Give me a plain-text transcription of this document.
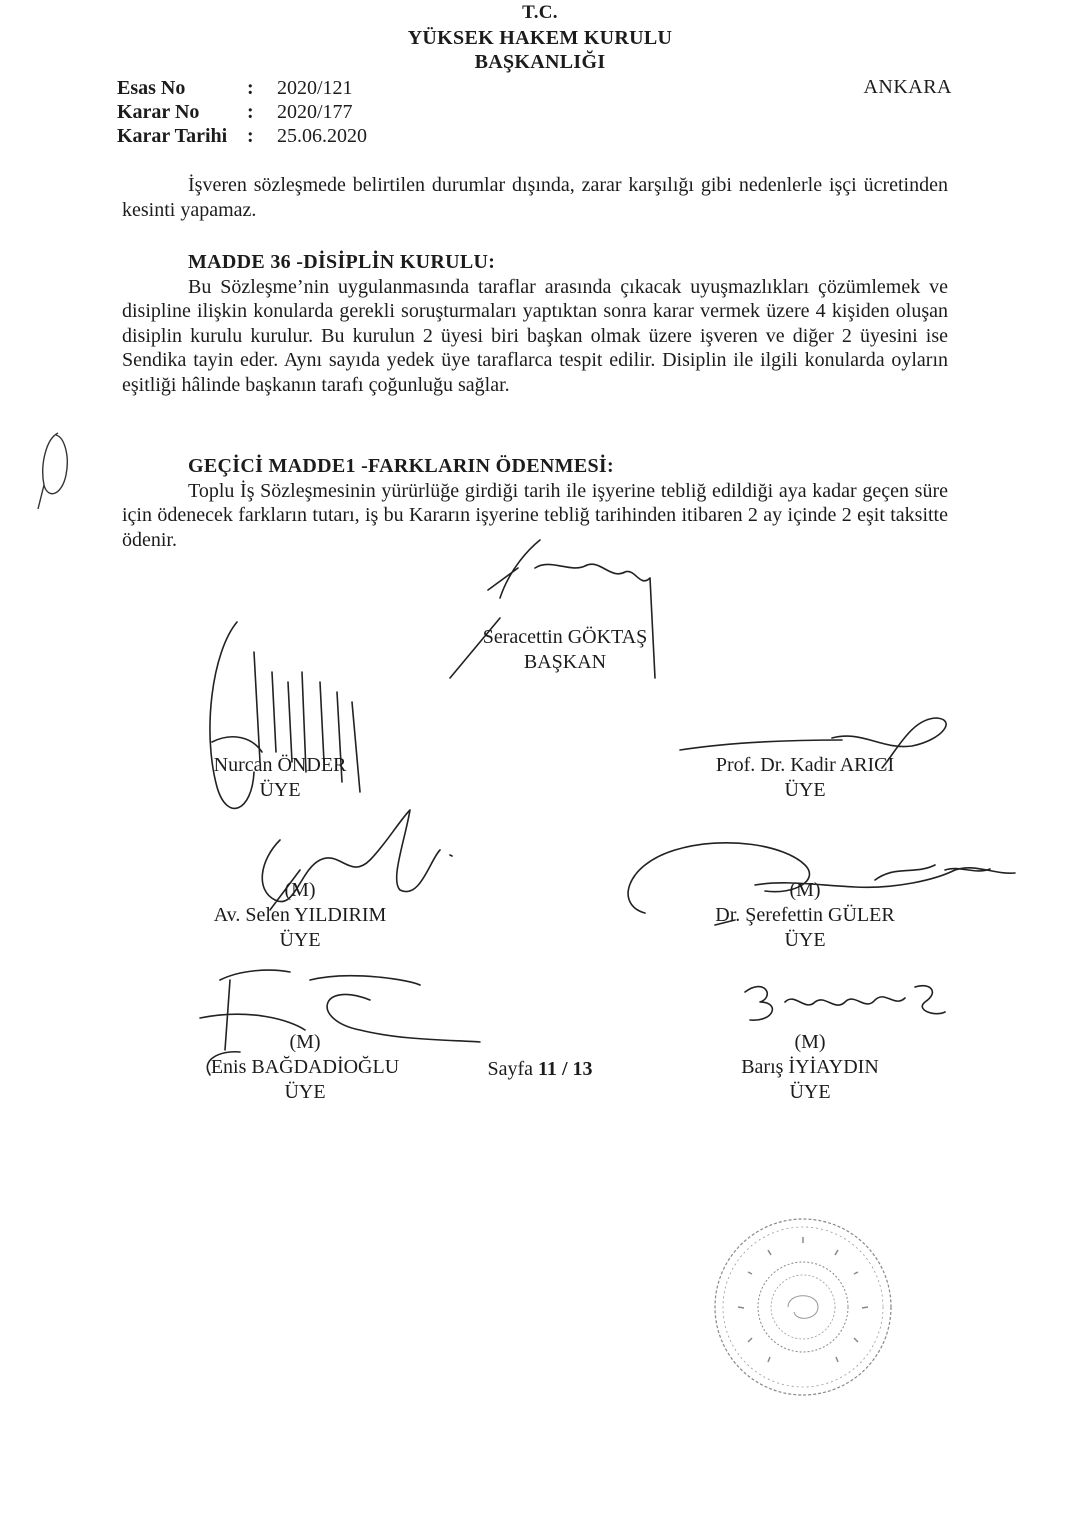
T.C.
YÜKSEK HAKEM KURULU
BAŞKANLIĞI
Esas No	: 2020/121
Karar No : 2020/177
Karar Tarihi : 25.06.2020
ANKARA

İşveren sözleşmede belirtilen durumlar dışında, zarar karşılığı gibi nedenlerle işçi ücretinden kesinti yapamaz.

MADDE 36 -DİSİPLİN KURULU:

Bu Sözleşme’nin uygulanmasında taraflar arasında çıkacak uyuşmazlıkları çözümlemek ve disipline ilişkin konularda gerekli soruşturmaları yaptıktan sonra karar vermek üzere 4 kişiden oluşan disiplin kurulu kurulur. Bu kurulun 2 üyesi biri başkan olmak üzere işveren ve diğer 2 üyesini ise Sendika tayin eder. Aynı sayıda yedek üye taraflarca tespit edilir. Disiplin ile ilgili konularda oyların eşitliği hâlinde başkanın tarafı çoğunluğu sağlar.

GEÇİCİ MADDE1 -FARKLARIN ÖDENMESİ:

Toplu İş Sözleşmesinin yürürlüğe girdiği tarih ile işyerine tebliğ edildiği aya kadar geçen süre için ödenecek farkların tutarı, iş bu Kararın işyerine tebliğ tarihinden itibaren 2 ay içinde 2 eşit taksitte ödenir.

Seracettin GÖKTAŞ
BAŞKAN
Nurcan ÖNDER
ÜYE
Prof. Dr. Kadir ARICI
ÜYE
(M)
Av. Selen YILDIRIM
ÜYE
(M)
Dr. Şerefettin GÜLER
ÜYE
(M)
Enis BAĞDADİOĞLU
ÜYE
(M)
Barış İYİAYDIN
ÜYE
Sayfa 11 / 13
